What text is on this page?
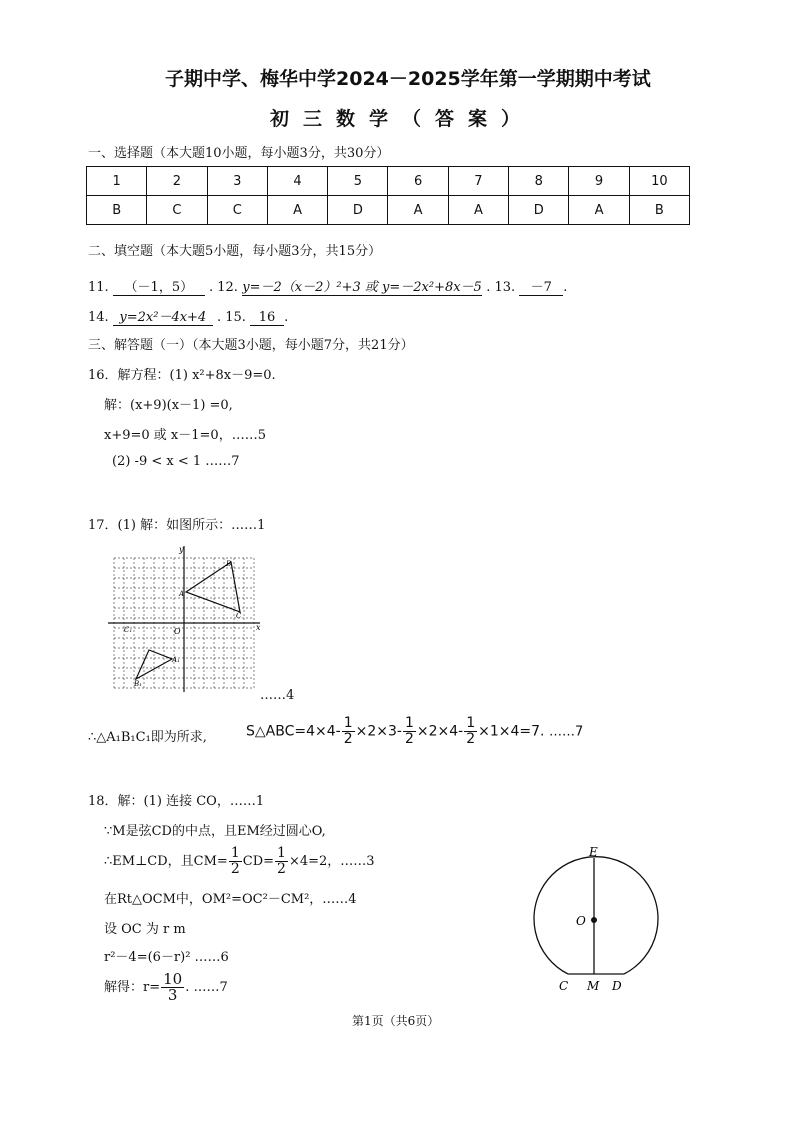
子期中学、梅华中学2024－2025学年第一学期期中考试
初三数学（答案）
一、选择题（本大题10小题，每小题3分，共30分）
1	2	3	4	5	6	7	8	9	10
B	C	C	A	D	A	A	D	A	B
二、填空题（本大题5小题，每小题3分，共15分）
11. （－1，5） . 12. y=－2（x－2）²+3 或 y=－2x²+8x－5 . 13. －7 .
14. y=2x²－4x+4 . 15. 16 .
三、解答题（一）（本大题3小题，每小题7分，共21分）
16．解方程：(1) x²+8x－9=0.
解：(x+9)(x－1) =0,
x+9=0 或 x－1=0，……5
(2) -9 < x < 1 ……7
17．(1) 解：如图所示：……1
y
x
O
A
B
C
A₁
B₁
C₁
……4
∴△A₁B₁C₁即为所求,	S△ABC=4×4- $\frac{1}{2} \times 2\times 3- \frac{1}{2} \times 2\times 4- \frac{1}{2} \times 1\times 4=7$. ……7
18．解：(1) 连接 CO，……1
∵M是弦CD的中点，且EM经过圆心O,
∴EM⊥CD，且$CM= \frac{1}{2} CD= \frac{1}{2} \times 4=2$，……3
在Rt△OCM中，OM²=OC²－CM²，……4
设 OC 为 r m
r²－4=(6－r)² ……6
解得：$r= \frac{10}{3}$ . ……7
E
O
C M D
第1页（共6页）
